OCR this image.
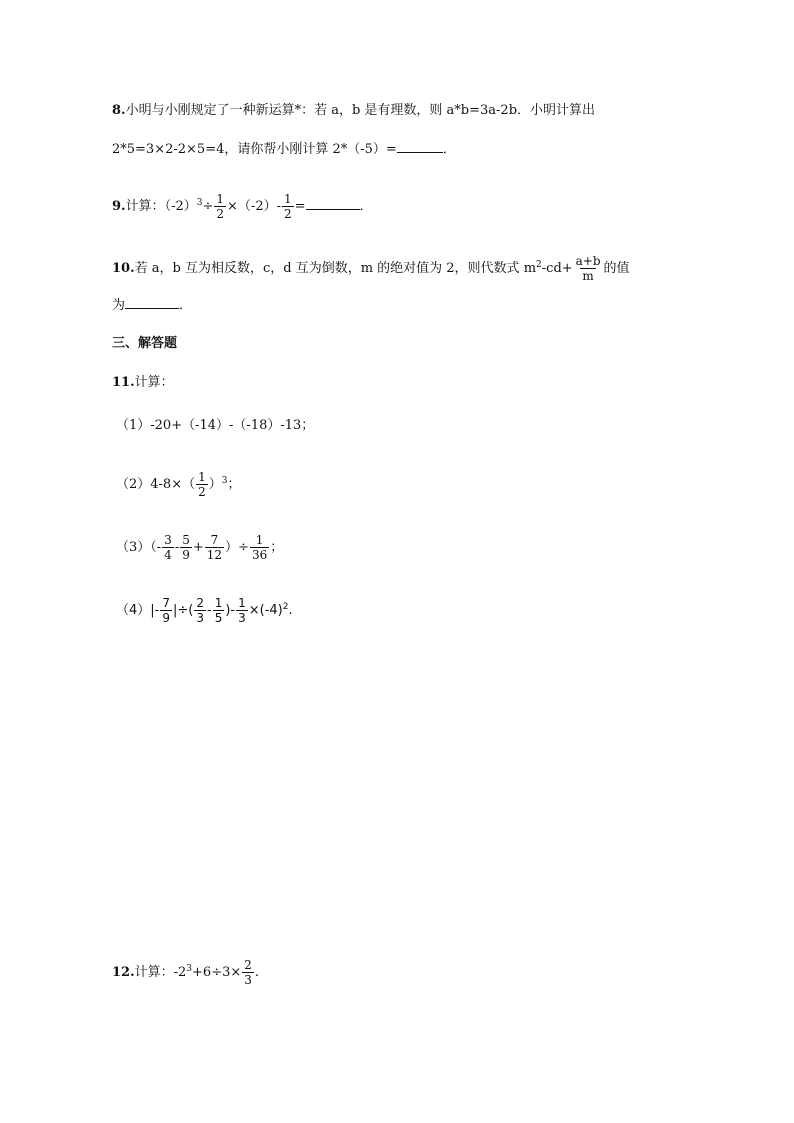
8.小明与小刚规定了一种新运算*：若 a，b 是有理数，则 a*b=3a-2b．小明计算出
2*5=3×2-2×5=4，请你帮小刚计算 2*（-5）=	．
9.计算：$(-2)^3\div \frac{1}{2} \times(-2)- \frac{1}{2}$ =	．
10.若 a，b 互为相反数，c，d 互为倒数，m 的绝对值为 2，则代数式 $m^2-cd+ \frac{a+b}{m}$ 的值
为	．
三、解答题
11.计算：
（1）-20+（-14）-（-18）-13；
$(2)4-8\times( \frac{1}{2} )^3$；
$(3)(- \frac{3}{4} - \frac{5}{9} + \frac{7}{12}$ ）÷ $\frac{1}{36}$ ；
$(4)|- \frac{7}{9}$ |÷( $\frac{2}{3} - \frac{1}{5}$ )- $\frac{1}{3} \times(-4)^2$.
12.计算：$-2^3+6\div 3\times \frac{2}{3}$ .
